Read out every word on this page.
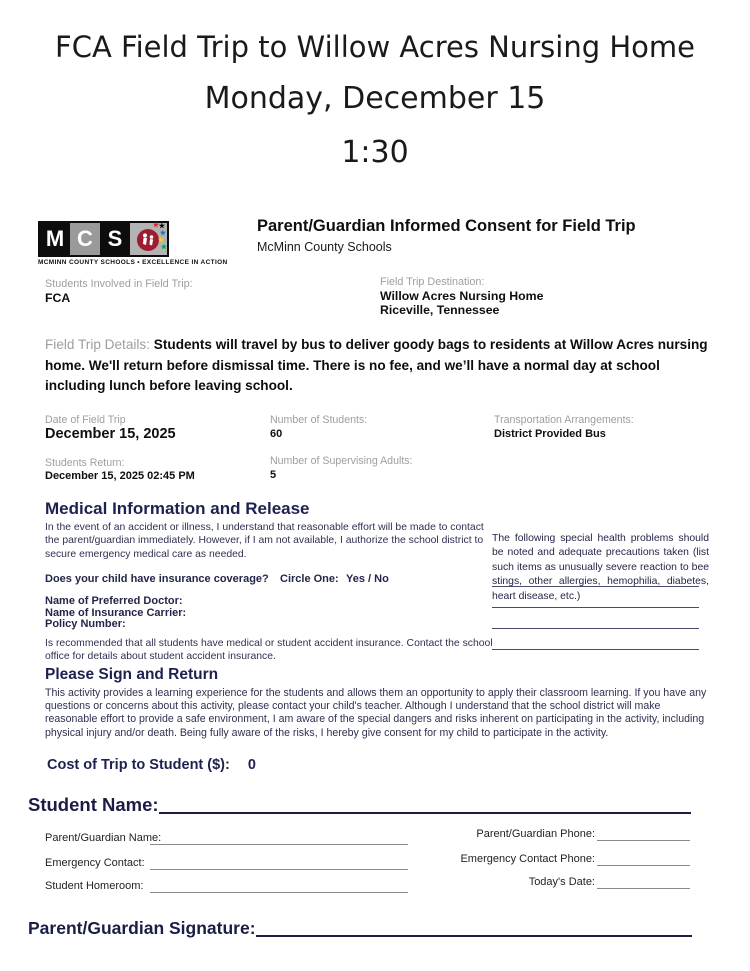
FCA Field Trip to Willow Acres Nursing Home
Monday, December 15
1:30
M C S	★
★
★
★
★
MCMINN COUNTY SCHOOLS • EXCELLENCE IN ACTION
Parent/Guardian Informed Consent for Field Trip
McMinn County Schools
Students Involved in Field Trip:
FCA
Field Trip Destination:
Willow Acres Nursing Home
Riceville, Tennessee
Field Trip Details: Students will travel by bus to deliver goody bags to residents at Willow Acres nursing home. We'll return before dismissal time. There is no fee, and we’ll have a normal day at school including lunch before leaving school.
Date of Field Trip
December 15, 2025
Number of Students:
60
Transportation Arrangements:
District Provided Bus
Students Return:
December 15, 2025 02:45 PM
Number of Supervising Adults:
5
Medical Information and Release
In the event of an accident or illness, I understand that reasonable effort will be made to contact the parent/guardian immediately. However, if I am not available, I authorize the school district to secure emergency medical care as needed.
The following special health problems should be noted and adequate precautions taken (list such items as unusually severe reaction to bee stings, other allergies, hemophilia, diabetes, heart disease, etc.)
Does your child have insurance coverage? Circle One: Yes / No
Name of Preferred Doctor:
Name of Insurance Carrier:
Policy Number:
Is recommended that all students have medical or student accident insurance. Contact the school office for details about student accident insurance.
Please Sign and Return
This activity provides a learning experience for the students and allows them an opportunity to apply their classroom learning. If you have any questions or concerns about this activity, please contact your child's teacher. Although I understand that the school district will make reasonable effort to provide a safe environment, I am aware of the special dangers and risks inherent on participating in the activity, including physical injury and/or death. Being fully aware of the risks, I hereby give consent for my child to participate in the activity.
Cost of Trip to Student ($): 0
Student Name:
Parent/Guardian Name:
Emergency Contact:
Student Homeroom:
Parent/Guardian Phone:
Emergency Contact Phone:
Today's Date:
Parent/Guardian Signature:
